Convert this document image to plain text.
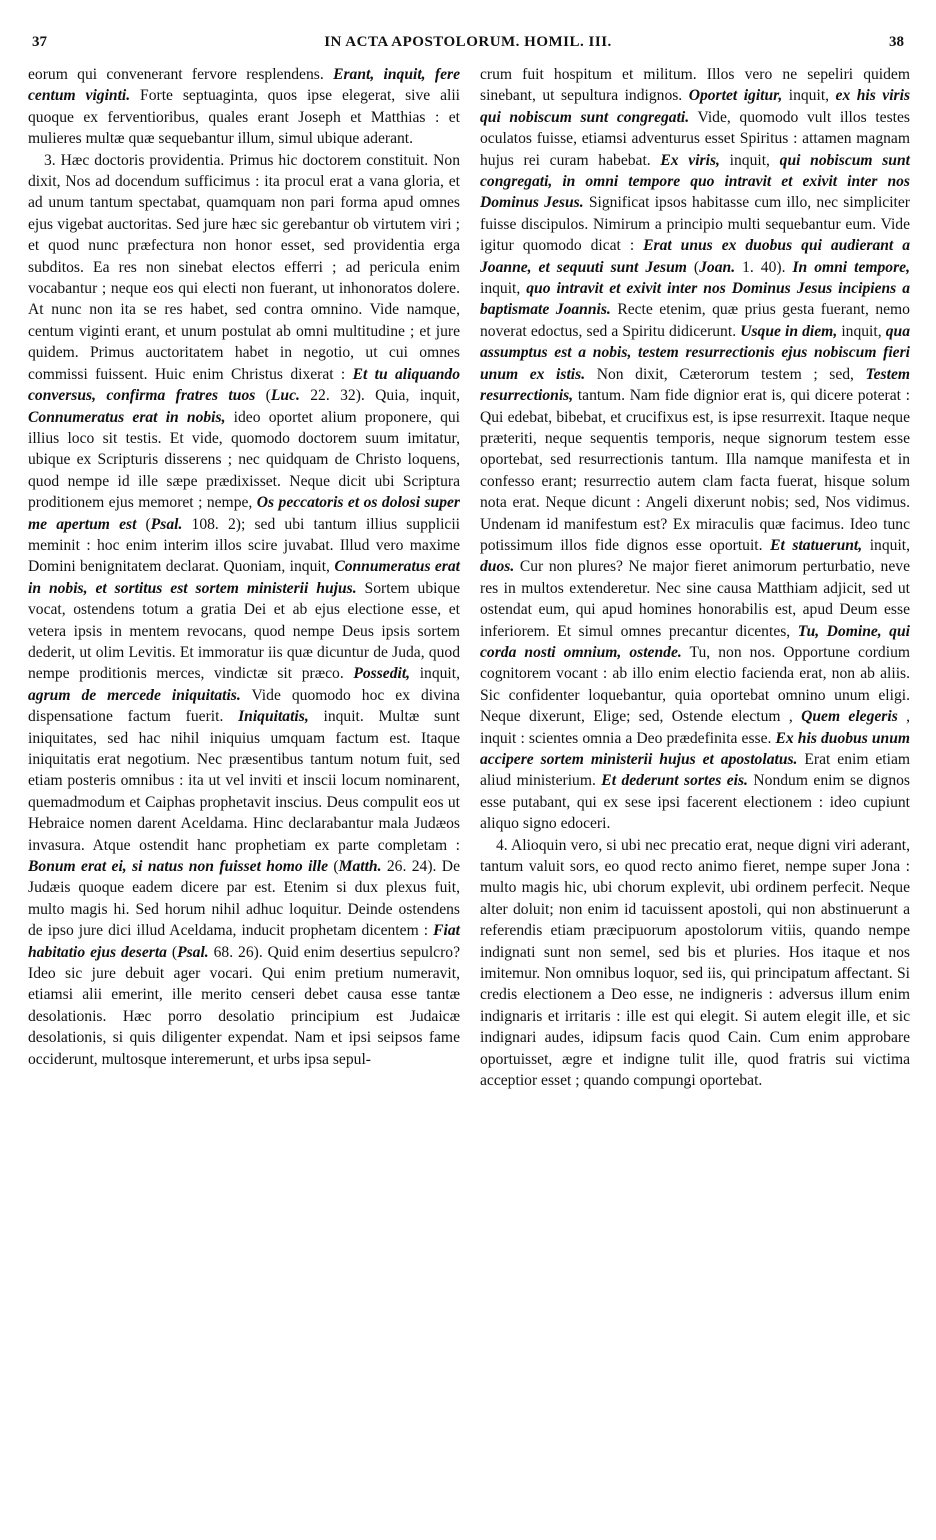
37	IN ACTA APOSTOLORUM. HOMIL. III.	38

eorum qui convenerant fervore resplendens. Erant, inquit, fere centum viginti. Forte septuaginta, quos ipse elegerat, sive alii quoque ex ferventioribus, quales erant Joseph et Matthias : et mulieres multæ quæ sequebantur illum, simul ubique aderant.

3. Hæc doctoris providentia. Primus hic doctorem constituit. Non dixit, Nos ad docendum sufficimus : ita procul erat a vana gloria, et ad unum tantum spectabat, quamquam non pari forma apud omnes ejus vigebat auctoritas. Sed jure hæc sic gerebantur ob virtutem viri ; et quod nunc præfectura non honor esset, sed providentia erga subditos. Ea res non sinebat electos efferri ; ad pericula enim vocabantur ; neque eos qui electi non fuerant, ut inhonoratos dolere. At nunc non ita se res habet, sed contra omnino. Vide namque, centum viginti erant, et unum postulat ab omni multitudine ; et jure quidem. Primus auctoritatem habet in negotio, ut cui omnes commissi fuissent. Huic enim Christus dixerat : Et tu aliquando conversus, confirma fratres tuos (Luc. 22. 32). Quia, inquit, Connumeratus erat in nobis, ideo oportet alium proponere, qui illius loco sit testis. Et vide, quomodo doctorem suum imitatur, ubique ex Scripturis disserens ; nec quidquam de Christo loquens, quod nempe id ille sæpe prædixisset. Neque dicit ubi Scriptura proditionem ejus memoret ; nempe, Os peccatoris et os dolosi super me apertum est (Psal. 108. 2); sed ubi tantum illius supplicii meminit : hoc enim interim illos scire juvabat. Illud vero maxime Domini benignitatem declarat. Quoniam, inquit, Connumeratus erat in nobis, et sortitus est sortem ministerii hujus. Sortem ubique vocat, ostendens totum a gratia Dei et ab ejus electione esse, et vetera ipsis in mentem revocans, quod nempe Deus ipsis sortem dederit, ut olim Levitis. Et immoratur iis quæ dicuntur de Juda, quod nempe proditionis merces, vindictæ sit præco. Possedit, inquit, agrum de mercede iniquitatis. Vide quomodo hoc ex divina dispensatione factum fuerit. Iniquitatis, inquit. Multæ sunt iniquitates, sed hac nihil iniquius umquam factum est. Itaque iniquitatis erat negotium. Nec præsentibus tantum notum fuit, sed etiam posteris omnibus : ita ut vel inviti et inscii locum nominarent, quemadmodum et Caiphas prophetavit inscius. Deus compulit eos ut Hebraice nomen darent Aceldama. Hinc declarabantur mala Judæos invasura. Atque ostendit hanc prophetiam ex parte completam : Bonum erat ei, si natus non fuisset homo ille (Matth. 26. 24). De Judæis quoque eadem dicere par est. Etenim si dux plexus fuit, multo magis hi. Sed horum nihil adhuc loquitur. Deinde ostendens de ipso jure dici illud Aceldama, inducit prophetam dicentem : Fiat habitatio ejus deserta (Psal. 68. 26). Quid enim desertius sepulcro? Ideo sic jure debuit ager vocari. Qui enim pretium numeravit, etiamsi alii emerint, ille merito censeri debet causa esse tantæ desolationis. Hæc porro desolatio principium est Judaicæ desolationis, si quis diligenter expendat. Nam et ipsi seipsos fame occiderunt, multosque interemerunt, et urbs ipsa sepul-

crum fuit hospitum et militum. Illos vero ne sepeliri quidem sinebant, ut sepultura indignos. Oportet igitur, inquit, ex his viris qui nobiscum sunt congregati. Vide, quomodo vult illos testes oculatos fuisse, etiamsi adventurus esset Spiritus : attamen magnam hujus rei curam habebat. Ex viris, inquit, qui nobiscum sunt congregati, in omni tempore quo intravit et exivit inter nos Dominus Jesus. Significat ipsos habitasse cum illo, nec simpliciter fuisse discipulos. Nimirum a principio multi sequebantur eum. Vide igitur quomodo dicat : Erat unus ex duobus qui audierant a Joanne, et sequuti sunt Jesum (Joan. 1. 40). In omni tempore, inquit, quo intravit et exivit inter nos Dominus Jesus incipiens a baptismate Joannis. Recte etenim, quæ prius gesta fuerant, nemo noverat edoctus, sed a Spiritu didicerunt. Usque in diem, inquit, qua assumptus est a nobis, testem resurrectionis ejus nobiscum fieri unum ex istis. Non dixit, Cæterorum testem ; sed, Testem resurrectionis, tantum. Nam fide dignior erat is, qui dicere poterat : Qui edebat, bibebat, et crucifixus est, is ipse resurrexit. Itaque neque præteriti, neque sequentis temporis, neque signorum testem esse oportebat, sed resurrectionis tantum. Illa namque manifesta et in confesso erant; resurrectio autem clam facta fuerat, hisque solum nota erat. Neque dicunt : Angeli dixerunt nobis; sed, Nos vidimus. Undenam id manifestum est? Ex miraculis quæ facimus. Ideo tunc potissimum illos fide dignos esse oportuit. Et statuerunt, inquit, duos. Cur non plures? Ne major fieret animorum perturbatio, neve res in multos extenderetur. Nec sine causa Matthiam adjicit, sed ut ostendat eum, qui apud homines honorabilis est, apud Deum esse inferiorem. Et simul omnes precantur dicentes, Tu, Domine, qui corda nosti omnium, ostende. Tu, non nos. Opportune cordium cognitorem vocant : ab illo enim electio facienda erat, non ab aliis. Sic confidenter loquebantur, quia oportebat omnino unum eligi. Neque dixerunt, Elige; sed, Ostende electum , Quem elegeris , inquit : scientes omnia a Deo prædefinita esse. Ex his duobus unum accipere sortem ministerii hujus et apostolatus. Erat enim etiam aliud ministerium. Et dederunt sortes eis. Nondum enim se dignos esse putabant, qui ex sese ipsi facerent electionem : ideo cupiunt aliquo signo edoceri.

4. Alioquin vero, si ubi nec precatio erat, neque digni viri aderant, tantum valuit sors, eo quod recto animo fieret, nempe super Jona : multo magis hic, ubi chorum explevit, ubi ordinem perfecit. Neque alter doluit; non enim id tacuissent apostoli, qui non abstinuerunt a referendis etiam præcipuorum apostolorum vitiis, quando nempe indignati sunt non semel, sed bis et pluries. Hos itaque et nos imitemur. Non omnibus loquor, sed iis, qui principatum affectant. Si credis electionem a Deo esse, ne indigneris : adversus illum enim indignaris et irritaris : ille est qui elegit. Si autem elegit ille, et sic indignari audes, idipsum facis quod Cain. Cum enim approbare oportuisset, ægre et indigne tulit ille, quod fratris sui victima acceptior esset ; quando compungi oportebat.
